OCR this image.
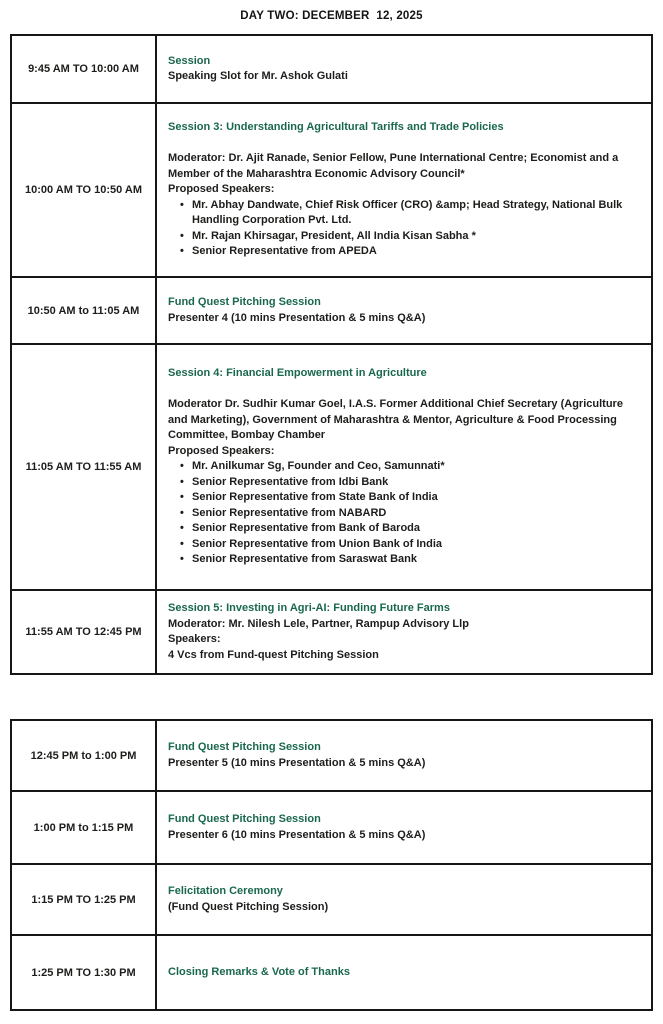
DAY TWO: DECEMBER  12, 2025
9:45 AM TO 10:00 AM
Session
Speaking Slot for Mr. Ashok Gulati
10:00 AM TO 10:50 AM
Session 3: Understanding Agricultural Tariffs and Trade Policies
Moderator: Dr. Ajit Ranade, Senior Fellow, Pune International Centre; Economist and a Member of the Maharashtra Economic Advisory Council*
Proposed Speakers:
• Mr. Abhay Dandwate, Chief Risk Officer (CRO) &amp; Head Strategy, National Bulk Handling Corporation Pvt. Ltd.
• Mr. Rajan Khirsagar, President, All India Kisan Sabha *
• Senior Representative from APEDA
10:50 AM to 11:05 AM
Fund Quest Pitching Session
Presenter 4 (10 mins Presentation & 5 mins Q&A)
11:05 AM TO 11:55 AM
Session 4: Financial Empowerment in Agriculture
Moderator Dr. Sudhir Kumar Goel, I.A.S. Former Additional Chief Secretary (Agriculture and Marketing), Government of Maharashtra & Mentor, Agriculture & Food Processing Committee, Bombay Chamber
Proposed Speakers:
• Mr. Anilkumar Sg, Founder and Ceo, Samunnati*
• Senior Representative from Idbi Bank
• Senior Representative from State Bank of India
• Senior Representative from NABARD
• Senior Representative from Bank of Baroda
• Senior Representative from Union Bank of India
• Senior Representative from Saraswat Bank
11:55 AM TO 12:45 PM
Session 5: Investing in Agri-AI: Funding Future Farms
Moderator: Mr. Nilesh Lele, Partner, Rampup Advisory Llp
Speakers:
4 Vcs from Fund-quest Pitching Session
12:45 PM to 1:00 PM
Fund Quest Pitching Session
Presenter 5 (10 mins Presentation & 5 mins Q&A)
1:00 PM to 1:15 PM
Fund Quest Pitching Session
Presenter 6 (10 mins Presentation & 5 mins Q&A)
1:15 PM TO 1:25 PM
Felicitation Ceremony
(Fund Quest Pitching Session)
1:25 PM TO 1:30 PM	Closing Remarks & Vote of Thanks
